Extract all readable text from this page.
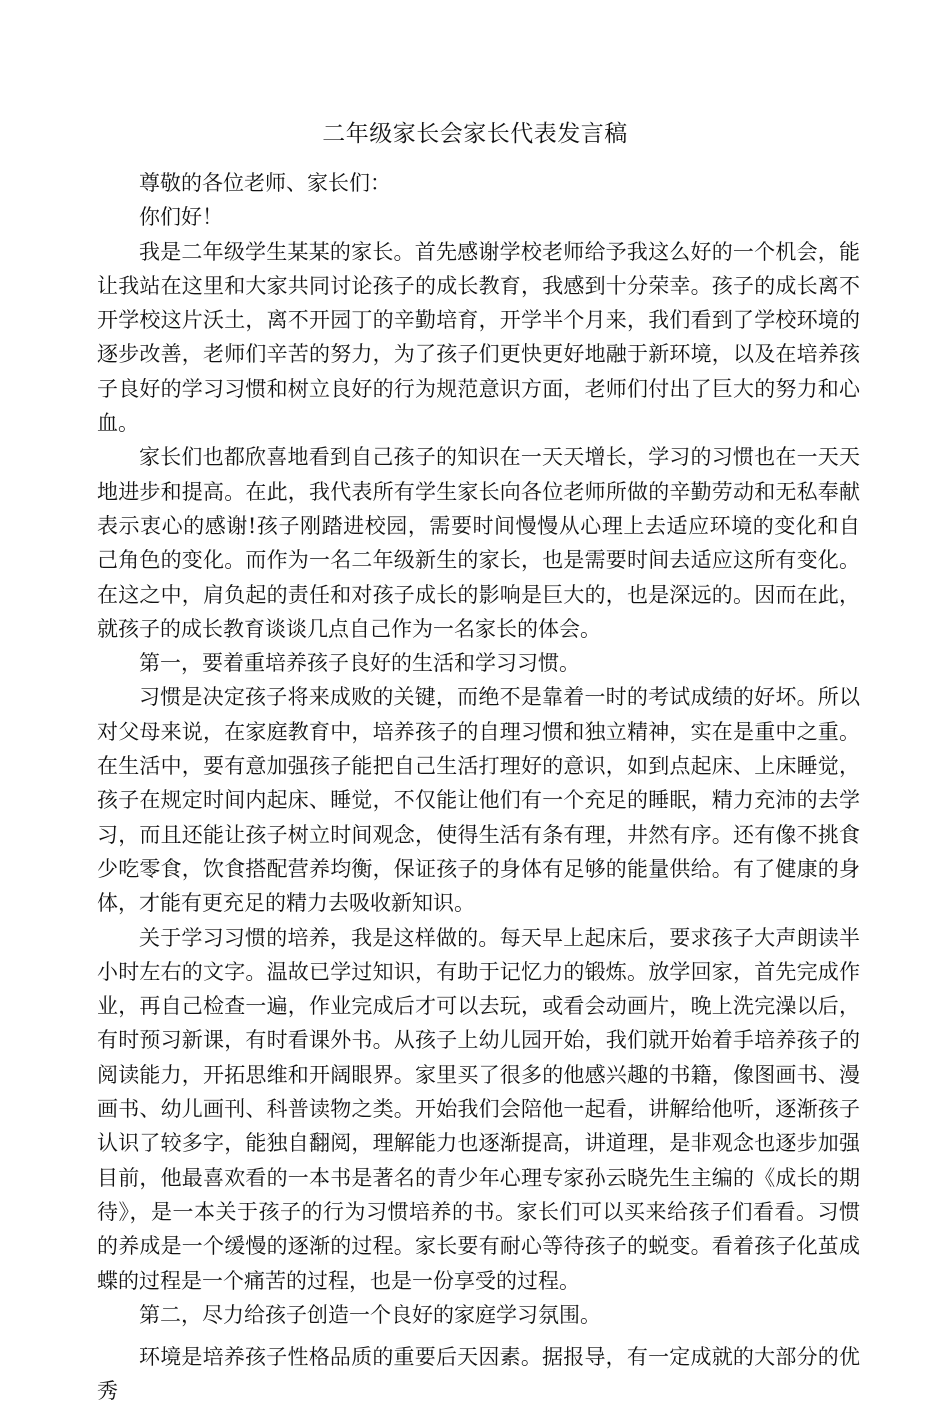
二年级家长会家长代表发言稿

尊敬的各位老师、家长们：

你们好！

我是二年级学生某某的家长。首先感谢学校老师给予我这么好的一个机会，能让我站在这里和大家共同讨论孩子的成长教育，我感到十分荣幸。孩子的成长离不开学校这片沃土，离不开园丁的辛勤培育，开学半个月来，我们看到了学校环境的逐步改善，老师们辛苦的努力，为了孩子们更快更好地融于新环境，以及在培养孩子良好的学习习惯和树立良好的行为规范意识方面，老师们付出了巨大的努力和心血。

家长们也都欣喜地看到自己孩子的知识在一天天增长，学习的习惯也在一天天地进步和提高。在此，我代表所有学生家长向各位老师所做的辛勤劳动和无私奉献表示衷心的感谢!孩子刚踏进校园，需要时间慢慢从心理上去适应环境的变化和自己角色的变化。而作为一名二年级新生的家长，也是需要时间去适应这所有变化。在这之中，肩负起的责任和对孩子成长的影响是巨大的，也是深远的。因而在此，就孩子的成长教育谈谈几点自己作为一名家长的体会。

第一，要着重培养孩子良好的生活和学习习惯。

习惯是决定孩子将来成败的关键，而绝不是靠着一时的考试成绩的好坏。所以对父母来说，在家庭教育中，培养孩子的自理习惯和独立精神，实在是重中之重。在生活中，要有意加强孩子能把自己生活打理好的意识，如到点起床、上床睡觉，孩子在规定时间内起床、睡觉，不仅能让他们有一个充足的睡眠，精力充沛的去学习，而且还能让孩子树立时间观念，使得生活有条有理，井然有序。还有像不挑食少吃零食，饮食搭配营养均衡，保证孩子的身体有足够的能量供给。有了健康的身体，才能有更充足的精力去吸收新知识。

关于学习习惯的培养，我是这样做的。每天早上起床后，要求孩子大声朗读半小时左右的文字。温故已学过知识，有助于记忆力的锻炼。放学回家，首先完成作业，再自己检查一遍，作业完成后才可以去玩，或看会动画片，晚上洗完澡以后，有时预习新课，有时看课外书。从孩子上幼儿园开始，我们就开始着手培养孩子的阅读能力，开拓思维和开阔眼界。家里买了很多的他感兴趣的书籍，像图画书、漫画书、幼儿画刊、科普读物之类。开始我们会陪他一起看，讲解给他听，逐渐孩子认识了较多字，能独自翻阅，理解能力也逐渐提高，讲道理，是非观念也逐步加强目前，他最喜欢看的一本书是著名的青少年心理专家孙云晓先生主编的《成长的期待》，是一本关于孩子的行为习惯培养的书。家长们可以买来给孩子们看看。习惯的养成是一个缓慢的逐渐的过程。家长要有耐心等待孩子的蜕变。看着孩子化茧成蝶的过程是一个痛苦的过程，也是一份享受的过程。

第二，尽力给孩子创造一个良好的家庭学习氛围。

环境是培养孩子性格品质的重要后天因素。据报导，有一定成就的大部分的优秀
